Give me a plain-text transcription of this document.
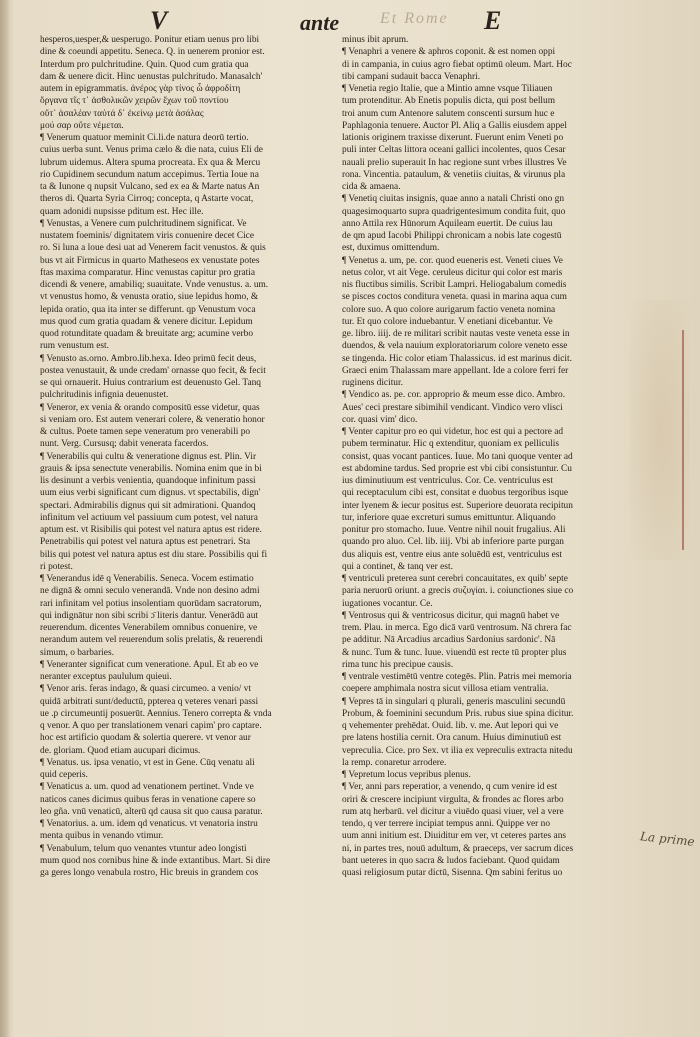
V	ante	Et Rome E
hesperos,uesper,& uesperugo. Ponitur etiam uenus pro libi
dine & coeundi appetitu. Seneca. Q. in uenerem pronior est.
Interdum pro pulchritudine. Quin. Quod cum gratia qua
dam & uenere dicit. Hinc uenustas pulchritudo. Manasalch'
autem in epigrammatis. ἀνέρος γὰρ τίνος ὦ ἀφροδίτη
ὄργανα τῖς τ᾽ ἀσθολικῶν χειρῶν ἔχων τοῦ ποντίου
οὔτ᾽ ἀσαλέαν ταὐτά δ᾽ ἐκείνῳ μετὰ ἀσάλας
μού σαρ οὔτε νέμεται.
¶ Venerum quatuor meminit Ci.li.de natura deorū tertio.
cuius uerba sunt. Venus prima cælo & die nata, cuius Eli de
lubrum uidemus. Altera spuma procreata. Ex qua & Mercu
rio Cupidinem secundum natum accepimus. Tertia Ioue na
ta & Iunone q nupsit Vulcano, sed ex ea & Marte natus An
theros di. Quarta Syria Cirroq; concepta, q Astarte vocat,
quam adonidi nupsisse pditum est. Hec ille.
¶ Venustas, a Venere cum pulchritudinem significat. Ve
nustatem foeminis/ dignitatem viris conuenire decet Cice
ro. Si luna a loue desi uat ad Venerem facit venustos. & quis
bus vt ait Firmicus in quarto Matheseos ex venustate potes
ftas maxima comparatur. Hinc venustas capitur pro gratia
dicendi & venere, amabiliq; suauitate. Vnde venustus. a. um.
vt venustus homo, & venusta oratio, siue lepidus homo, &
lepida oratio, qua ita inter se differunt. qp Venustum voca
mus quod cum gratia quadam & venere dicitur. Lepidum
quod rotunditate quadam & breuitate arg; acumine verbo
rum venustum est.
¶ Venusto as.orno. Ambro.lib.hexa. Ideo primū fecit deus,
postea venustauit, & unde credam' ornasse quo fecit, & fecit
se qui ornauerit. Huius contrarium est deuenusto Gel. Tanq
pulchritudinis infignia deuenustet.
¶ Veneror, ex venia & orando compositū esse videtur, quas
si veniam oro. Est autem venerari colere, & veneratio honor
& cultus. Poete tamen sepe veneratum pro venerabili po
nunt. Verg. Cursusq; dabit venerata facerdos.
¶ Venerabilis qui cultu & veneratione dignus est. Plin. Vir
grauis & ipsa senectute venerabilis. Nomina enim que in bi
lis desinunt a verbis venientia, quandoque infinitum passi
uum eius verbi significant cum dignus. vt spectabilis, dign'
spectari. Admirabilis dignus qui sit admirationi. Quandoq
infinitum vel actiuum vel passiuum cum potest, vel natura
aptum est. vt Risibilis qui potest vel natura aptus est ridere.
Penetrabilis qui potest vel natura aptus est penetrari. Sta
bilis qui potest vel natura aptus est diu stare. Possibilis qui fi
ri potest.
¶ Venerandus idē q Venerabilis. Seneca. Vocem estimatio
ne dignā & omni seculo venerandā. Vnde non desino admi
rari infinitam vel potius insolentiam quorūdam sacratorum,
qui indignātur non sibi scribi ɔ̄ literis dantur. Venerādū aut
reuerendum. dicentes Venerabilem omnibus conuenire, ve
nerandum autem vel reuerendum solis prelatis, & reuerendi
simum, o barbaries.
¶ Veneranter significat cum veneratione. Apul. Et ab eo ve
neranter exceptus paululum quieui.
¶ Venor aris. feras indago, & quasi circumeo. a venio/ vt
quidā arbitrati sunt/deductū, ppterea q veteres venari passi
ue .p circumeuntij posuerūt. Aennius. Tenero correpta & vnda
q venor. A quo per translationem venari capim' pro captare.
hoc est artificio quodam & solertia querere. vt venor aur
de. gloriam. Quod etiam aucupari dicimus.
¶ Venatus. us. ipsa venatio, vt est in Gene. Cūq venatu ali
quid ceperis.
¶ Venaticus a. um. quod ad venationem pertinet. Vnde ve
naticos canes dicimus quibus feras in venatione capere so
leo gña. vnū venaticū, alterū qd causa sit quo causa paratur.
¶ Venatorius. a. um. idem qd venaticus. vt venatoria instru
menta quibus in venando vtimur.
¶ Venabulum, telum quo venantes vtuntur adeo longisti
mum quod nos cornibus hine & inde extantibus. Mart. Si dire
ga geres longo venabula rostro, Hic breuis in grandem cos
minus ibit aprum.
¶ Venaphri a venere & aphros coponit. & est nomen oppi
di in campania, in cuius agro fiebat optimū oleum. Mart. Hoc
tibi campani sudauit bacca Venaphri.
¶ Venetia regio Italie, que a Mintio amne vsque Tiliauen
tum protenditur. Ab Enetis populis dicta, qui post bellum
troi anum cum Antenore salutem conscenti sursum huc e
Paphlagonia tenuere. Auctor Pl. Aliq a Gallis eiusdem appel
lationis originem traxisse dixerunt. Fuerunt enim Veneti po
puli inter Celtas littora oceani gallici incolentes, quos Cesar
nauali prelio superauit In hac regione sunt vrbes illustres Ve
rona. Vincentia. pataulum, & venetiis ciuitas, & virunus pla
cida & amaena.
¶ Venetiq ciuitas insignis, quae anno a natali Christi ono gn
quagesimoquarto supra quadrigentesimum condita fuit, quo
anno Attila rex Hūnorum Aquileam euertit. De cuius lau
de qm apud Iacobi Philippi chronicam a nobis late cogestū
est, duximus omittendum.
¶ Venetus a. um, pe. cor. quod eueneris est. Veneti ciues Ve
netus color, vt ait Vege. ceruleus dicitur qui color est maris
nis fluctibus similis. Scribit Lampri. Heliogabalum comedis
se pisces coctos conditura veneta. quasi in marina aqua cum
colore suo. A quo colore aurigarum factio veneta nomina
tur. Et quo colore induebantur. V enetiani dicebantur. Ve
ge. libro. iiij. de re militari scribit nautas veste veneta esse in
duendos, & vela nauium exploratoriarum colore veneto esse
se tingenda. Hic color etiam Thalassicus. id est marinus dicit.
Graeci enim Thalassam mare appellant. Ide a colore ferri fer
ruginens dicitur.
¶ Vendico as. pe. cor. approprio & meum esse dico. Ambro.
Aues' ceci prestare sibimihil vendicant. Vindico vero vlisci
cor. quasi vim' dico.
¶ Venter capitur pro eo qui videtur, hoc est qui a pectore ad
pubem terminatur. Hic q extenditur, quoniam ex pelliculis
consist, quas vocant pantices. Iuue. Mo tani quoque venter ad
est abdomine tardus. Sed proprie est vbi cibi consistuntur. Cu
ius diminutiuum est ventriculus. Cor. Ce. ventriculus est
qui receptaculum cibi est, consitat e duobus tergoribus isque
inter lyenem & iecur positus est. Superiore deuorata recipitun
tur, inferiore quae excreturi sumus emittuntur. Aliquando
ponitur pro stomacho. Iuue. Ventre nihil nouit frugalius. Ali
quando pro aluo. Cel. lib. iiij. Vbi ab inferiore parte purgan
dus aliquis est, ventre eius ante soluēdū est, ventriculus est
qui a continet, & tanq ver est.
¶ ventriculi preterea sunt cerebri concauitates, ex quib' septe
paria neruorū oriunt. a grecis συζυγίαι. i. coiunctiones siue co
iugationes vocantur. Ce.
¶ Ventrosus qui & ventricosus dicitur, qui magnū habet ve
trem. Plau. in merca. Ego dicā varū ventrosum. Nā chrera fac
pe additur. Nā Arcadius arcadius Sardonius sardonic'. Nā
& nunc. Tum & tunc. Iuue. viuendū est recte tū propter plus
rima tunc his precipue causis.
¶ ventrale vestimētū ventre cotegēs. Plin. Patris mei memoria
coepere amphimala nostra sicut villosa etiam ventralia.
¶ Vepres tā in singulari q plurali, generis masculini secundū
Probum, & foeminini secundum Pris. rubus siue spina dicitur.
q vehementer prehēdat. Ouid. lib. v. me. Aut lepori qui ve
pre latens hostilia cernit. Ora canum. Huius diminutiuū est
vepreculia. Cice. pro Sex. vt ilia ex vepreculis extracta nitedu
la remp. conaretur arrodere.
¶ Vepretum locus vepribus plenus.
¶ Ver, anni pars reperatior, a venendo, q cum venire id est
oriri & crescere incipiunt virgulta, & frondes ac flores arbo
rum atq herbarū. vel dicitur a viuēdo quasi viuer, vel a vere
tendo, q ver terrere incipiat tempus anni. Quippe ver no
uum anni initium est. Diuiditur em ver, vt ceteres partes ans
ni, in partes tres, nouū adultum, & praeceps, ver sacrum dices
bant ueteres in quo sacra & ludos faciebant. Quod quidam
quasi religiosum putar dictū, Sisenna. Qm sabini feritus uo
La prime
